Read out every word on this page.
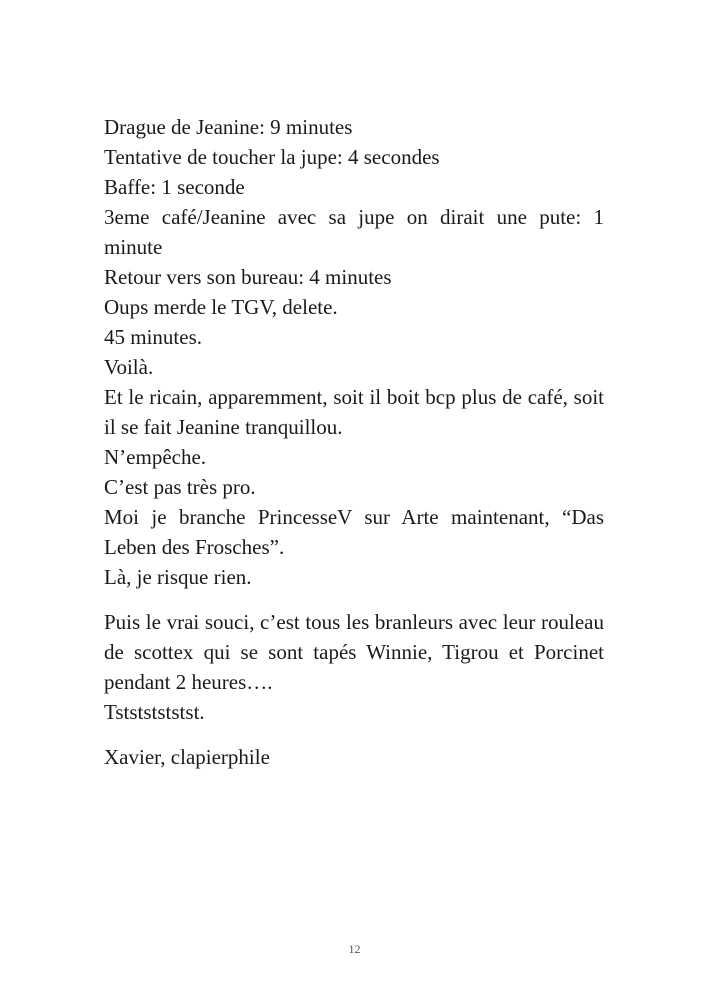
Drague de Jeanine: 9 minutes

Tentative de toucher la jupe: 4 secondes

Baffe: 1 seconde

3eme café/Jeanine avec sa jupe on dirait une pute: 1 minute

Retour vers son bureau: 4 minutes

Oups merde le TGV, delete.

45 minutes.

Voilà.

Et le ricain, apparemment, soit il boit bcp plus de café, soit il se fait Jeanine tranquillou.

N’empêche.

C’est pas très pro.

Moi je branche PrincesseV sur Arte maintenant, “Das Leben des Frosches”.

Là, je risque rien.

Puis le vrai souci, c’est tous les branleurs avec leur rouleau de scottex qui se sont tapés Winnie, Tigrou et Porcinet pendant 2 heures….

Tstststststst.

Xavier, clapierphile

12
